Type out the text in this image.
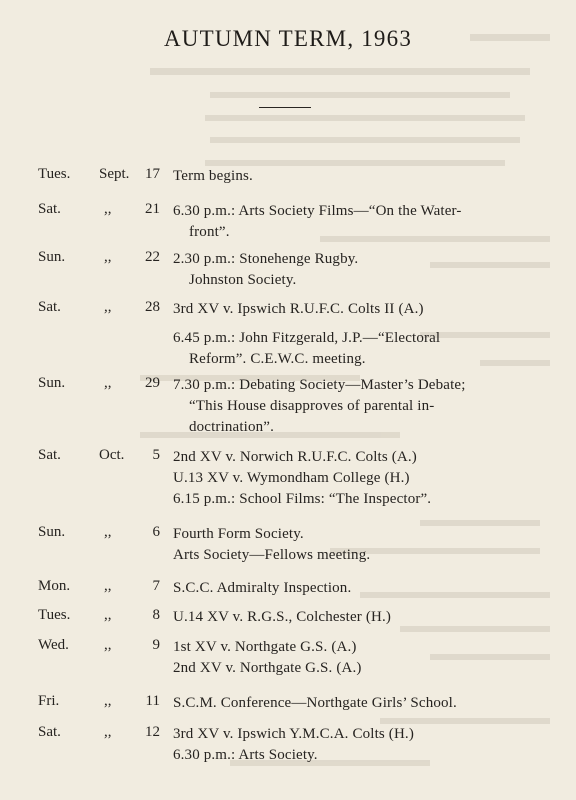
AUTUMN TERM, 1963
Tues. Sept.	17 Term begins.
Sat.	,,	21 6.30 p.m.: Arts Society Films—“On the Water-
front”.
Sun.	,,	22 2.30 p.m.: Stonehenge Rugby.
Johnston Society.
Sat.	,,	28 3rd XV v. Ipswich R.U.F.C. Colts II (A.)
6.45 p.m.: John Fitzgerald, J.P.—“Electoral
Reform”. C.E.W.C. meeting.
Sun.	,,	29 7.30 p.m.: Debating Society—Master’s Debate;
“This House disapproves of parental in-
doctrination”.
Sat.	Oct.	5 2nd XV v. Norwich R.U.F.C. Colts (A.)
U.13 XV v. Wymondham College (H.)
6.15 p.m.: School Films: “The Inspector”.
Sun.	,,	6 Fourth Form Society.
Arts Society—Fellows meeting.
Mon. ,,	7 S.C.C. Admiralty Inspection.
Tues. ,,	8 U.14 XV v. R.G.S., Colchester (H.)
Wed. ,,	9 1st XV v. Northgate G.S. (A.)
2nd XV v. Northgate G.S. (A.)
Fri.	,,	11 S.C.M. Conference—Northgate Girls’ School.
Sat.	,,	12 3rd XV v. Ipswich Y.M.C.A. Colts (H.)
6.30 p.m.: Arts Society.
